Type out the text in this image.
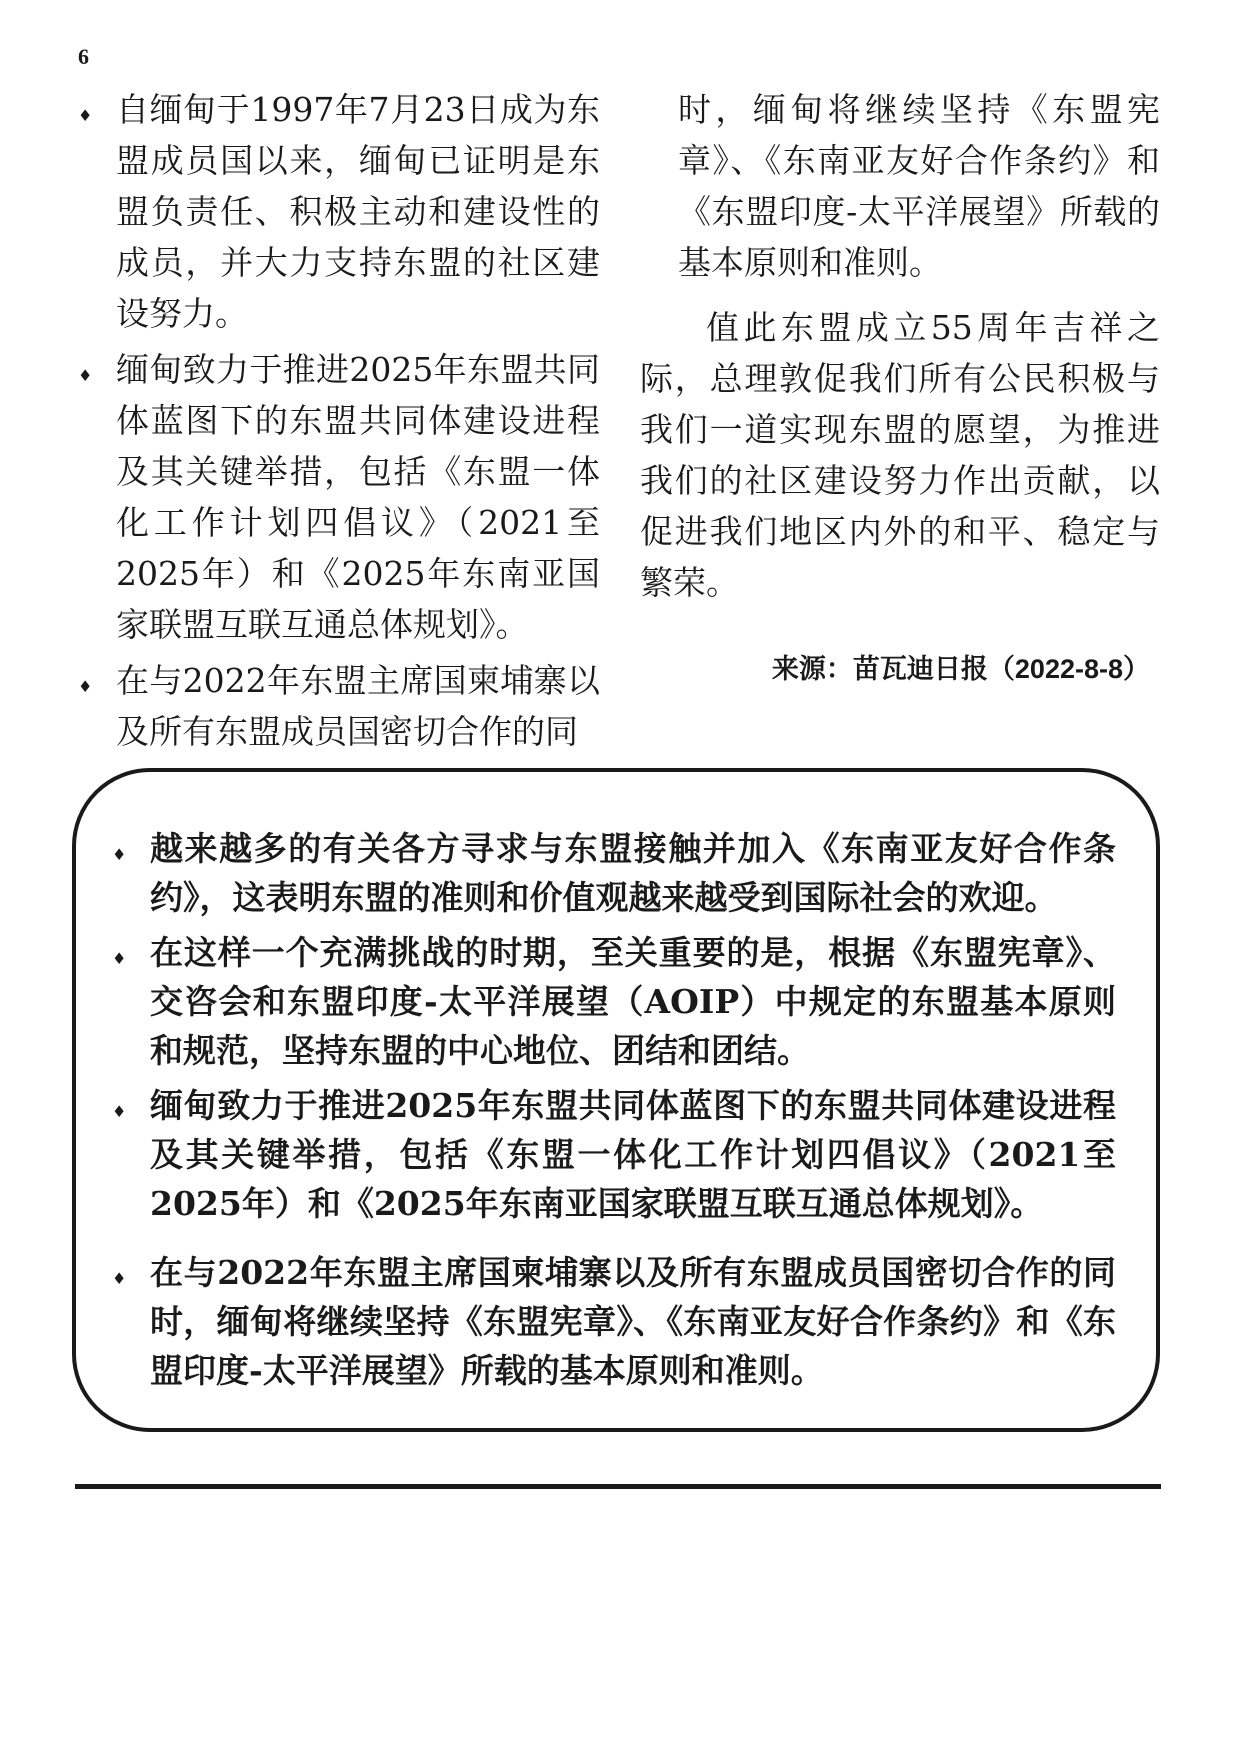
6
♦ 自缅甸于1997年7月23日成为东盟成员国以来，缅甸已证明是东盟负责任、积极主动和建设性的成员，并大力支持东盟的社区建设努力。
♦ 缅甸致力于推进2025年东盟共同体蓝图下的东盟共同体建设进程及其关键举措，包括《东盟一体化工作计划四倡议》（2021至2025年）和《2025年东南亚国家联盟互联互通总体规划》。
♦ 在与2022年东盟主席国柬埔寨以及所有东盟成员国密切合作的同

时，缅甸将继续坚持《东盟宪章》、《东南亚友好合作条约》和《东盟印度-太平洋展望》所载的基本原则和准则。

值此东盟成立55周年吉祥之际，总理敦促我们所有公民积极与我们一道实现东盟的愿望，为推进我们的社区建设努力作出贡献，以促进我们地区内外的和平、稳定与繁荣。

来源：苗瓦迪日报（2022-8-8）

♦ 越来越多的有关各方寻求与东盟接触并加入《东南亚友好合作条约》，这表明东盟的准则和价值观越来越受到国际社会的欢迎。
♦ 在这样一个充满挑战的时期，至关重要的是，根据《东盟宪章》、交咨会和东盟印度-太平洋展望（AOIP）中规定的东盟基本原则和规范，坚持东盟的中心地位、团结和团结。
♦ 缅甸致力于推进2025年东盟共同体蓝图下的东盟共同体建设进程及其关键举措，包括《东盟一体化工作计划四倡议》（2021至2025年）和《2025年东南亚国家联盟互联互通总体规划》。
♦ 在与2022年东盟主席国柬埔寨以及所有东盟成员国密切合作的同时，缅甸将继续坚持《东盟宪章》、《东南亚友好合作条约》和《东盟印度-太平洋展望》所载的基本原则和准则。
